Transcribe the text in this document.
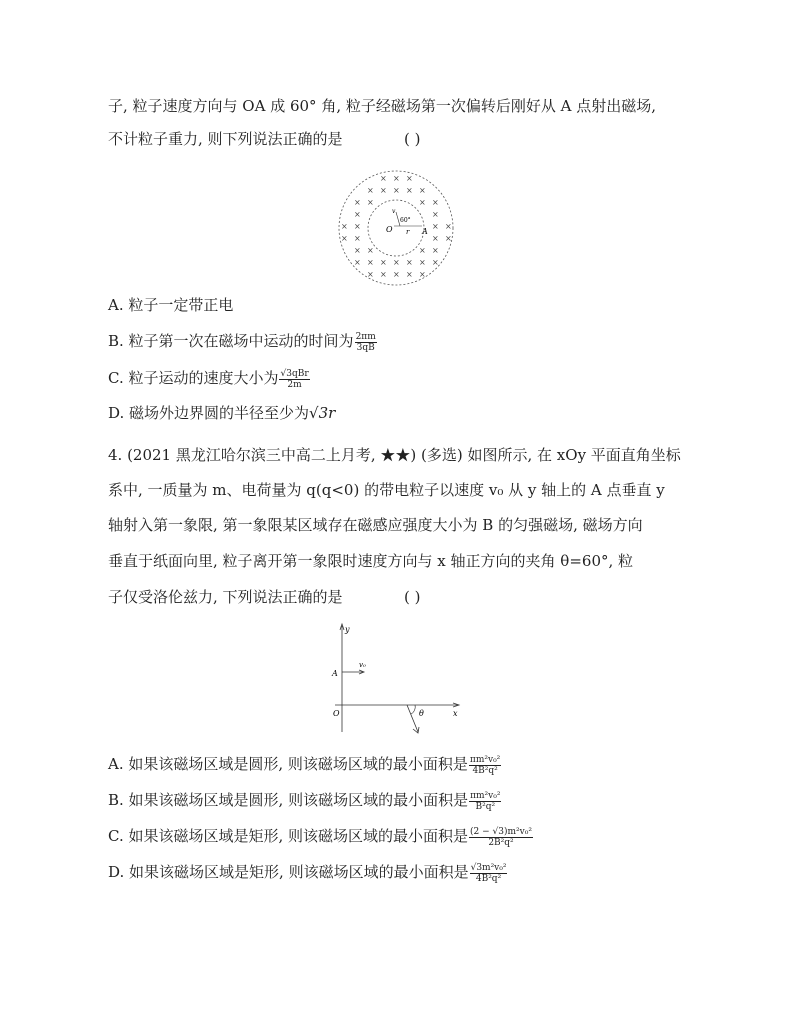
子, 粒子速度方向与 OA 成 60° 角, 粒子经磁场第一次偏转后刚好从 A 点射出磁场,
不计粒子重力, 则下列说法正确的是	( )
× × ×
× × × × ×
× ×	× ×
×	×
× ×	× ×
× ×	× ×
× ×	× ×
× × × × × × ×
× × × × ×
O	A
r
60°
v
A. 粒子一定带正电
B. 粒子第一次在磁场中运动的时间为 $\frac{2\pi m}{3qB}$
C. 粒子运动的速度大小为 $\frac{\text{√3qBr}}{2m}$
D. 磁场外边界圆的半径至少为√3r
4. (2021 黑龙江哈尔滨三中高二上月考, ★★) (多选) 如图所示, 在 xOy 平面直角坐标
系中, 一质量为 m、电荷量为 q(q<0) 的带电粒子以速度 v₀ 从 y 轴上的 A 点垂直 y
轴射入第一象限, 第一象限某区域存在磁感应强度大小为 B 的匀强磁场, 磁场方向
垂直于纸面向里, 粒子离开第一象限时速度方向与 x 轴正方向的夹角 θ=60°, 粒
子仅受洛伦兹力, 下列说法正确的是	( )
y
x
O
A
v₀
θ
A. 如果该磁场区域是圆形, 则该磁场区域的最小面积是 $\frac{\text{πm²v₀²}}{\text{4B²q²}}$
B. 如果该磁场区域是圆形, 则该磁场区域的最小面积是 $\frac{\text{πm²v₀²}}{\text{B²q²}}$
C. 如果该磁场区域是矩形, 则该磁场区域的最小面积是 $\frac{\text{(2 − √3)m²v₀²}}{\text{2B²q²}}$
D. 如果该磁场区域是矩形, 则该磁场区域的最小面积是 $\frac{\text{√3m²v₀²}}{\text{4B²q²}}$
